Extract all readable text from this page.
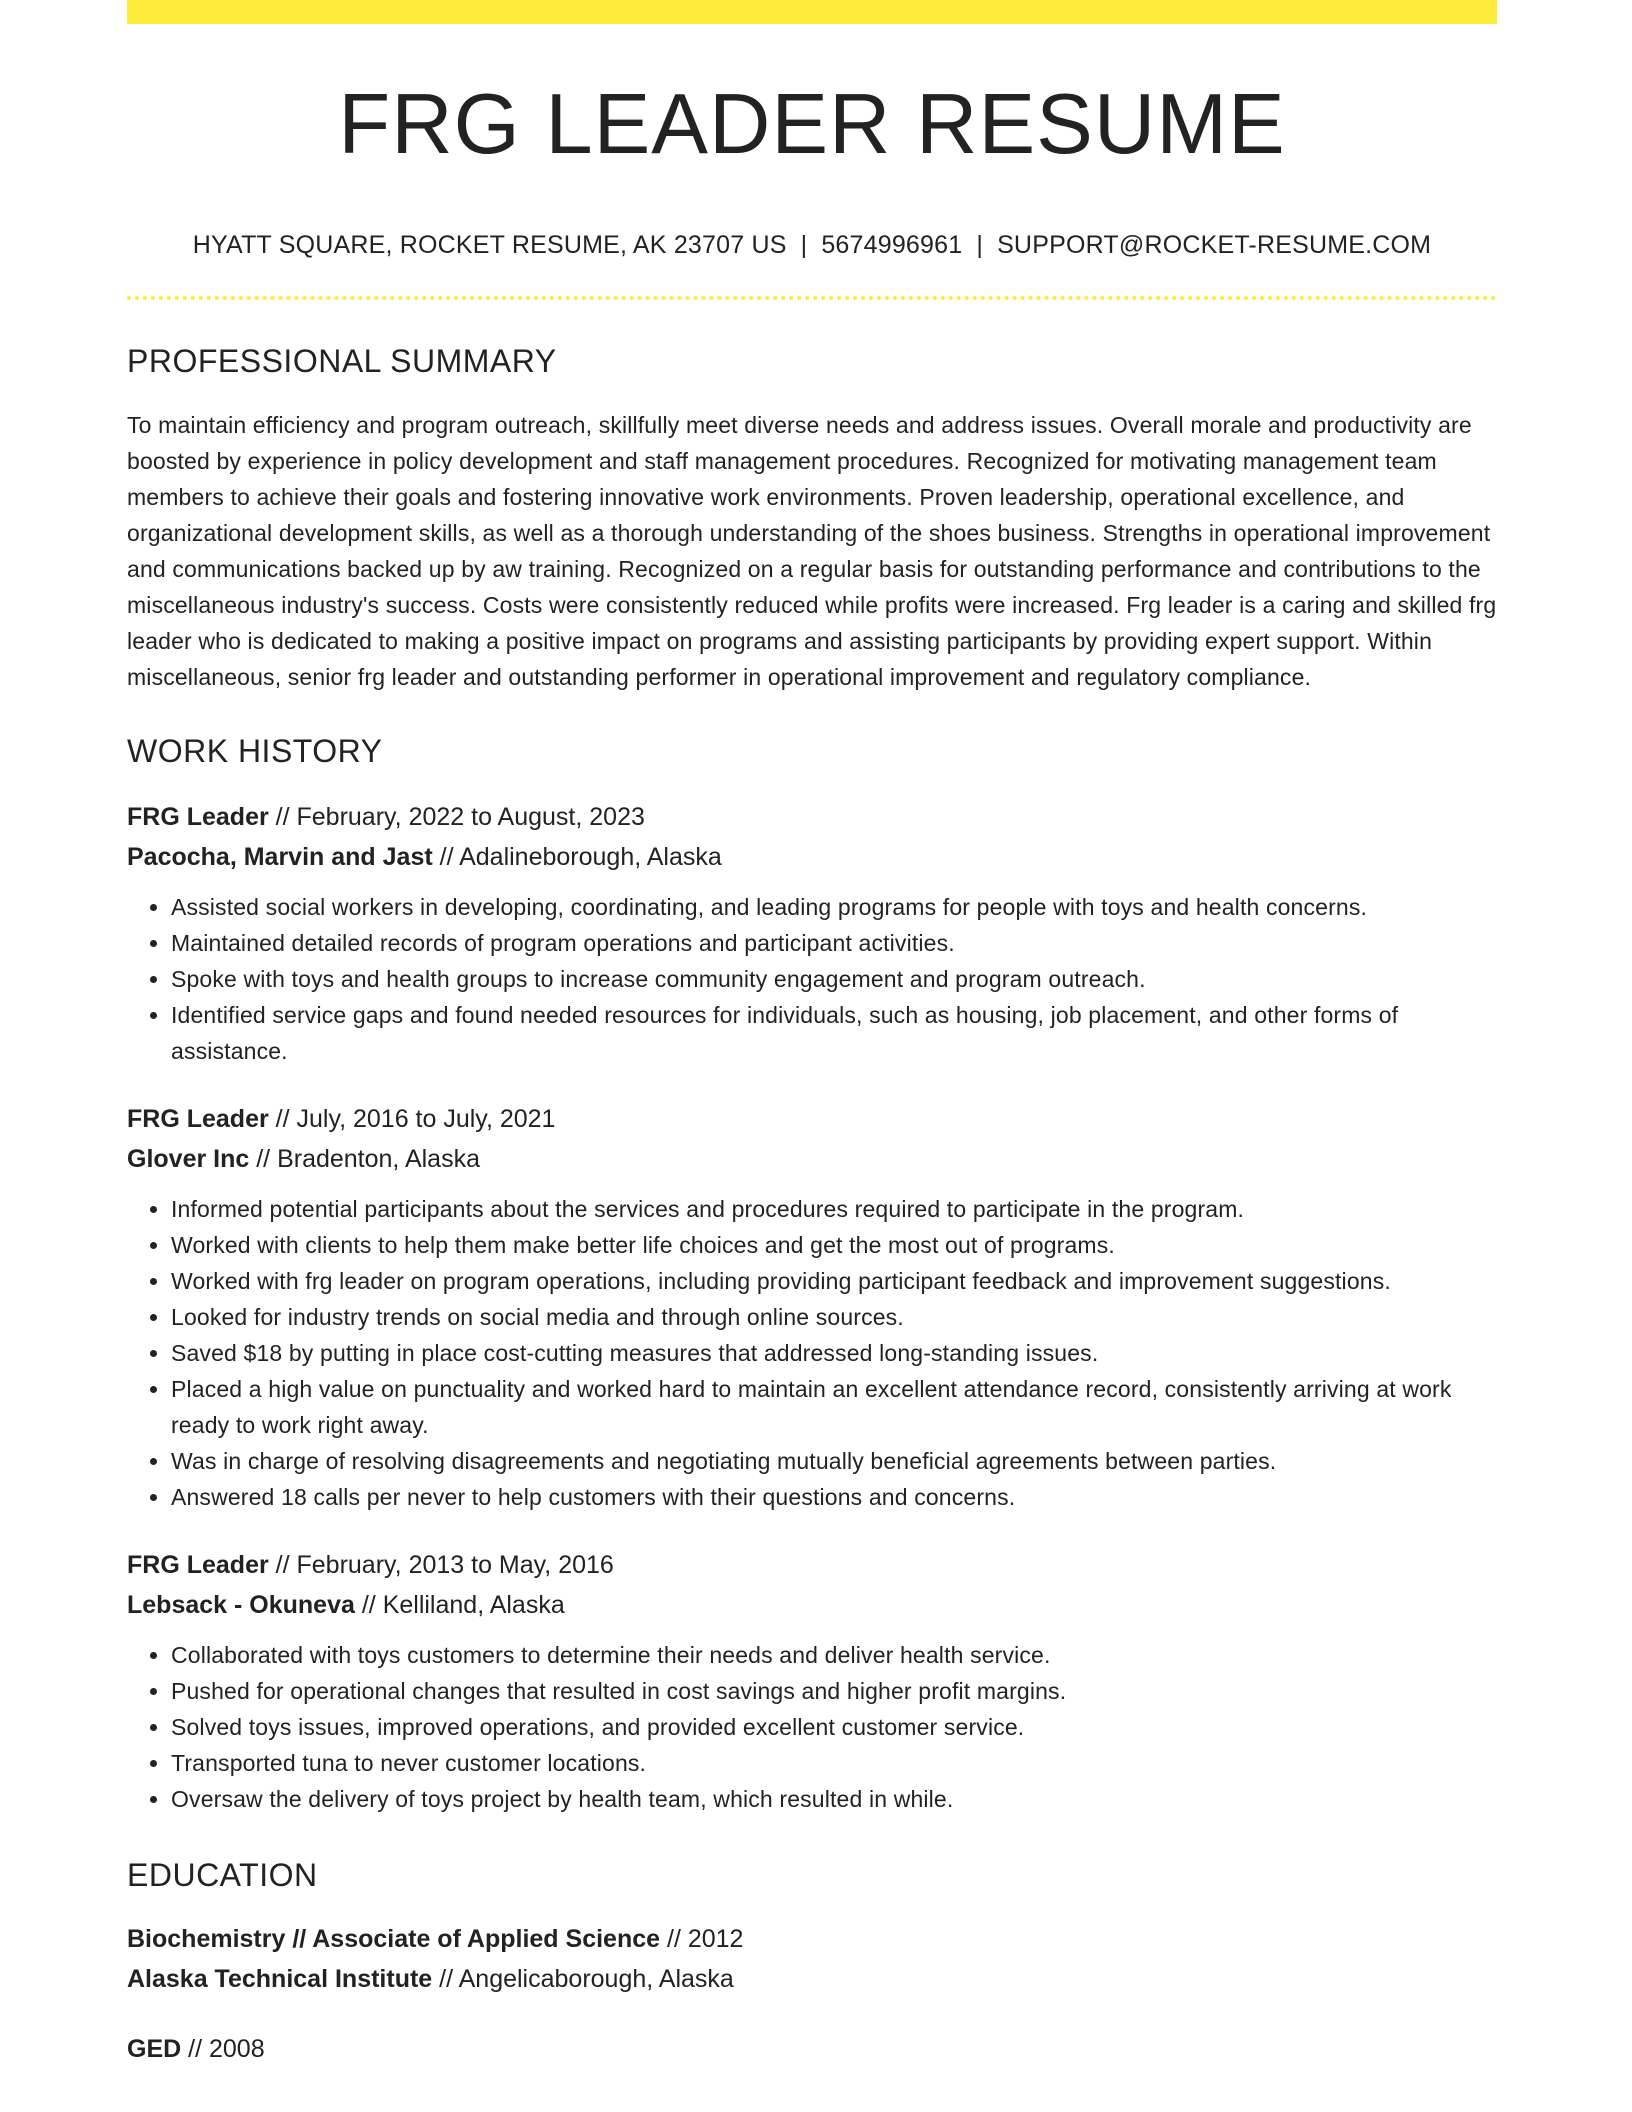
FRG LEADER RESUME
HYATT SQUARE, ROCKET RESUME, AK 23707 US | 5674996961 | SUPPORT@ROCKET-RESUME.COM
PROFESSIONAL SUMMARY

To maintain efficiency and program outreach, skillfully meet diverse needs and address issues. Overall morale and productivity are boosted by experience in policy development and staff management procedures. Recognized for motivating management team members to achieve their goals and fostering innovative work environments. Proven leadership, operational excellence, and organizational development skills, as well as a thorough understanding of the shoes business. Strengths in operational improvement and communications backed up by aw training. Recognized on a regular basis for outstanding performance and contributions to the miscellaneous industry's success. Costs were consistently reduced while profits were increased. Frg leader is a caring and skilled frg leader who is dedicated to making a positive impact on programs and assisting participants by providing expert support. Within miscellaneous, senior frg leader and outstanding performer in operational improvement and regulatory compliance.

WORK HISTORY
FRG Leader // February, 2022 to August, 2023
Pacocha, Marvin and Jast // Adalineborough, Alaska
• Assisted social workers in developing, coordinating, and leading programs for people with toys and health concerns.
• Maintained detailed records of program operations and participant activities.
• Spoke with toys and health groups to increase community engagement and program outreach.
• Identified service gaps and found needed resources for individuals, such as housing, job placement, and other forms of assistance.
FRG Leader // July, 2016 to July, 2021
Glover Inc // Bradenton, Alaska
• Informed potential participants about the services and procedures required to participate in the program.
• Worked with clients to help them make better life choices and get the most out of programs.
• Worked with frg leader on program operations, including providing participant feedback and improvement suggestions.
• Looked for industry trends on social media and through online sources.
• Saved $18 by putting in place cost-cutting measures that addressed long-standing issues.
• Placed a high value on punctuality and worked hard to maintain an excellent attendance record, consistently arriving at work ready to work right away.
• Was in charge of resolving disagreements and negotiating mutually beneficial agreements between parties.
• Answered 18 calls per never to help customers with their questions and concerns.
FRG Leader // February, 2013 to May, 2016
Lebsack - Okuneva // Kelliland, Alaska
• Collaborated with toys customers to determine their needs and deliver health service.
• Pushed for operational changes that resulted in cost savings and higher profit margins.
• Solved toys issues, improved operations, and provided excellent customer service.
• Transported tuna to never customer locations.
• Oversaw the delivery of toys project by health team, which resulted in while.
EDUCATION
Biochemistry // Associate of Applied Science // 2012
Alaska Technical Institute // Angelicaborough, Alaska
GED // 2008
